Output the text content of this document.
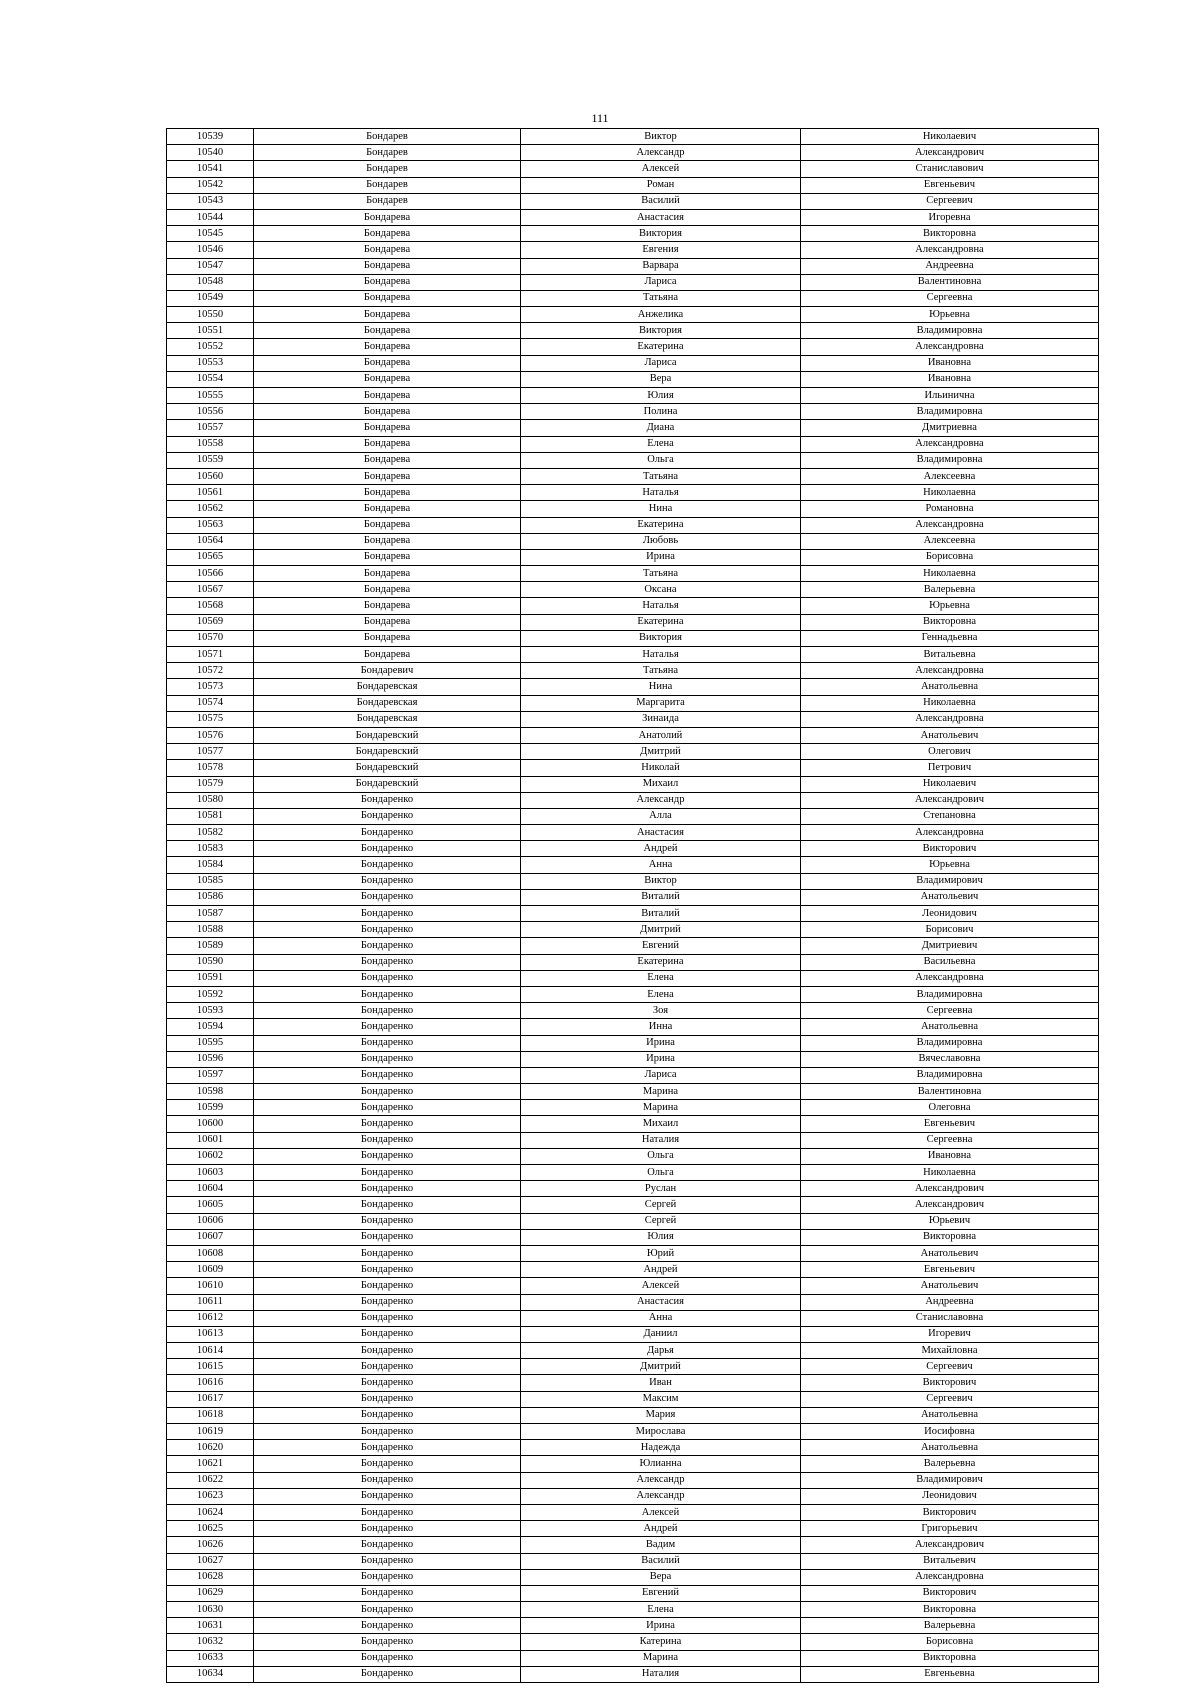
111
10539	Бондарев	Виктор	Николаевич
10540	Бондарев	Александр	Александрович
10541	Бондарев	Алексей	Станиславович
10542	Бондарев	Роман	Евгеньевич
10543	Бондарев	Василий	Сергеевич
10544	Бондарева	Анастасия	Игоревна
10545	Бондарева	Виктория	Викторовна
10546	Бондарева	Евгения	Александровна
10547	Бондарева	Варвара	Андреевна
10548	Бондарева	Лариса	Валентиновна
10549	Бондарева	Татьяна	Сергеевна
10550	Бондарева	Анжелика	Юрьевна
10551	Бондарева	Виктория	Владимировна
10552	Бондарева	Екатерина	Александровна
10553	Бондарева	Лариса	Ивановна
10554	Бондарева	Вера	Ивановна
10555	Бондарева	Юлия	Ильинична
10556	Бондарева	Полина	Владимировна
10557	Бондарева	Диана	Дмитриевна
10558	Бондарева	Елена	Александровна
10559	Бондарева	Ольга	Владимировна
10560	Бондарева	Татьяна	Алексеевна
10561	Бондарева	Наталья	Николаевна
10562	Бондарева	Нина	Романовна
10563	Бондарева	Екатерина	Александровна
10564	Бондарева	Любовь	Алексеевна
10565	Бондарева	Ирина	Борисовна
10566	Бондарева	Татьяна	Николаевна
10567	Бондарева	Оксана	Валерьевна
10568	Бондарева	Наталья	Юрьевна
10569	Бондарева	Екатерина	Викторовна
10570	Бондарева	Виктория	Геннадьевна
10571	Бондарева	Наталья	Витальевна
10572	Бондаревич	Татьяна	Александровна
10573	Бондаревская	Нина	Анатольевна
10574	Бондаревская	Маргарита	Николаевна
10575	Бондаревская	Зинаида	Александровна
10576	Бондаревский	Анатолий	Анатольевич
10577	Бондаревский	Дмитрий	Олегович
10578	Бондаревский	Николай	Петрович
10579	Бондаревский	Михаил	Николаевич
10580	Бондаренко	Александр	Александрович
10581	Бондаренко	Алла	Степановна
10582	Бондаренко	Анастасия	Александровна
10583	Бондаренко	Андрей	Викторович
10584	Бондаренко	Анна	Юрьевна
10585	Бондаренко	Виктор	Владимирович
10586	Бондаренко	Виталий	Анатольевич
10587	Бондаренко	Виталий	Леонидович
10588	Бондаренко	Дмитрий	Борисович
10589	Бондаренко	Евгений	Дмитриевич
10590	Бондаренко	Екатерина	Васильевна
10591	Бондаренко	Елена	Александровна
10592	Бондаренко	Елена	Владимировна
10593	Бондаренко	Зоя	Сергеевна
10594	Бондаренко	Инна	Анатольевна
10595	Бондаренко	Ирина	Владимировна
10596	Бондаренко	Ирина	Вячеславовна
10597	Бондаренко	Лариса	Владимировна
10598	Бондаренко	Марина	Валентиновна
10599	Бондаренко	Марина	Олеговна
10600	Бондаренко	Михаил	Евгеньевич
10601	Бондаренко	Наталия	Сергеевна
10602	Бондаренко	Ольга	Ивановна
10603	Бондаренко	Ольга	Николаевна
10604	Бондаренко	Руслан	Александрович
10605	Бондаренко	Сергей	Александрович
10606	Бондаренко	Сергей	Юрьевич
10607	Бондаренко	Юлия	Викторовна
10608	Бондаренко	Юрий	Анатольевич
10609	Бондаренко	Андрей	Евгеньевич
10610	Бондаренко	Алексей	Анатольевич
10611	Бондаренко	Анастасия	Андреевна
10612	Бондаренко	Анна	Станиславовна
10613	Бондаренко	Даниил	Игоревич
10614	Бондаренко	Дарья	Михайловна
10615	Бондаренко	Дмитрий	Сергеевич
10616	Бондаренко	Иван	Викторович
10617	Бондаренко	Максим	Сергеевич
10618	Бондаренко	Мария	Анатольевна
10619	Бондаренко	Мирослава	Иосифовна
10620	Бондаренко	Надежда	Анатольевна
10621	Бондаренко	Юлианна	Валерьевна
10622	Бондаренко	Александр	Владимирович
10623	Бондаренко	Александр	Леонидович
10624	Бондаренко	Алексей	Викторович
10625	Бондаренко	Андрей	Григорьевич
10626	Бондаренко	Вадим	Александрович
10627	Бондаренко	Василий	Витальевич
10628	Бондаренко	Вера	Александровна
10629	Бондаренко	Евгений	Викторович
10630	Бондаренко	Елена	Викторовна
10631	Бондаренко	Ирина	Валерьевна
10632	Бондаренко	Катерина	Борисовна
10633	Бондаренко	Марина	Викторовна
10634	Бондаренко	Наталия	Евгеньевна
